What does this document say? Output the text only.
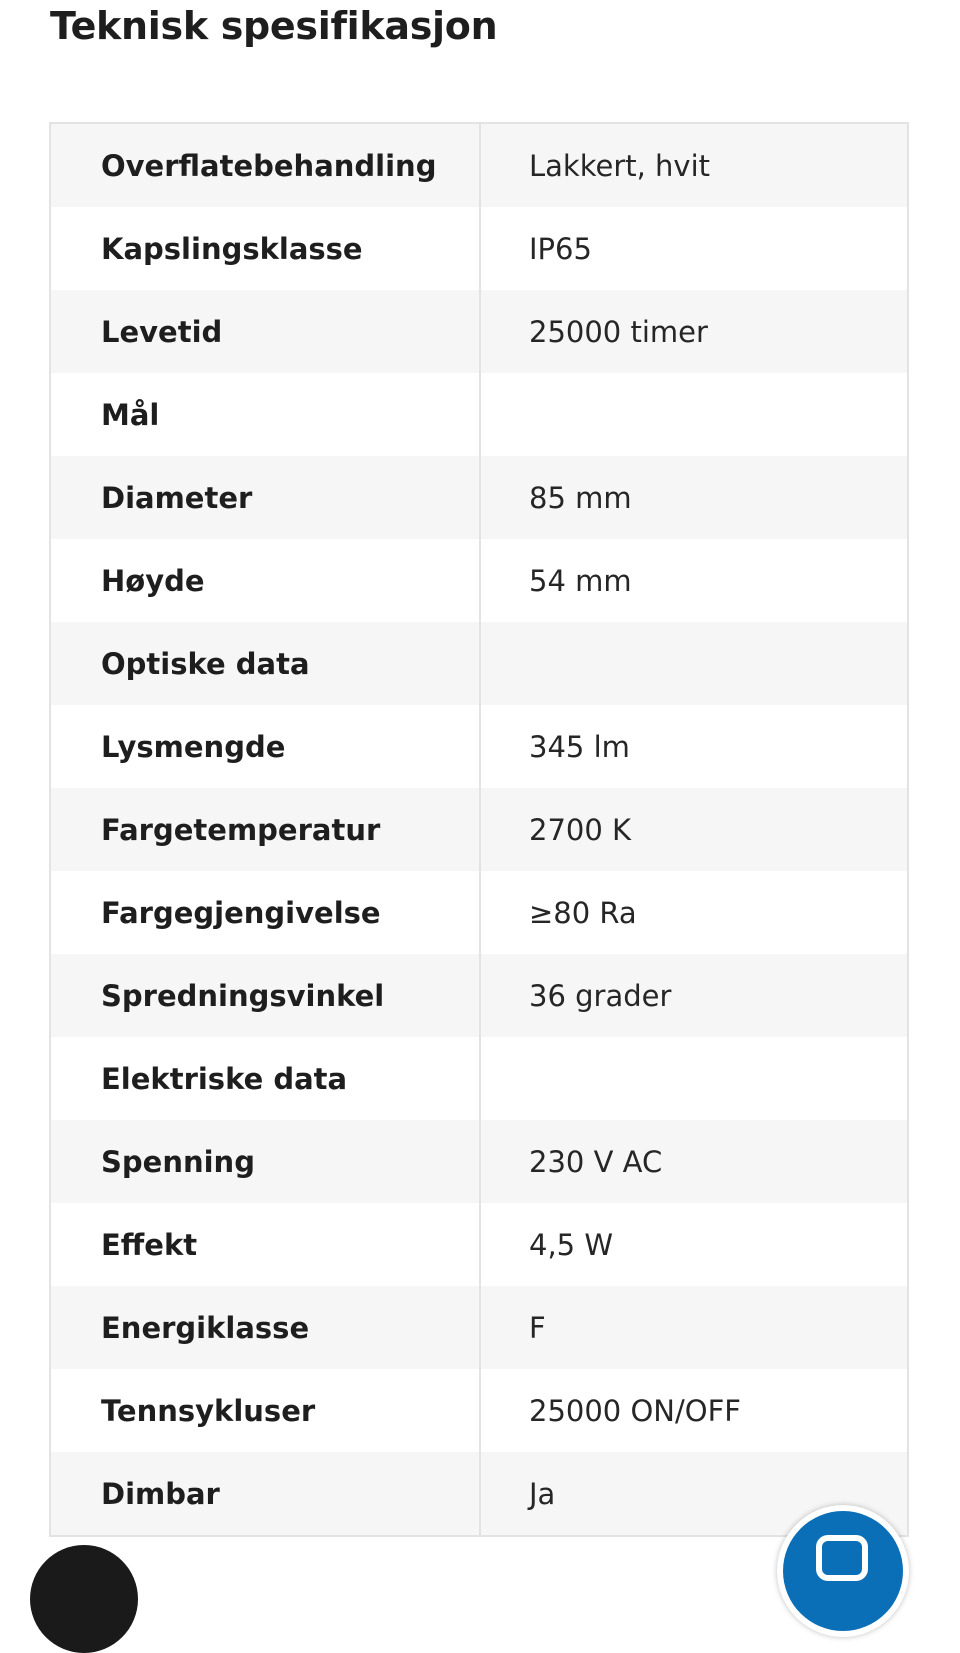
Teknisk spesifikasjon
Overflatebehandling	Lakkert, hvit
Kapslingsklasse	IP65
Levetid	25000 timer
Mål	
Diameter	85 mm
Høyde	54 mm
Optiske data	
Lysmengde	345 lm
Fargetemperatur	2700 K
Fargegjengivelse	≥80 Ra
Spredningsvinkel	36 grader
Elektriske data	
Spenning	230 V AC
Effekt	4,5 W
Energiklasse	F
Tennsykluser	25000 ON/OFF
Dimbar	Ja
